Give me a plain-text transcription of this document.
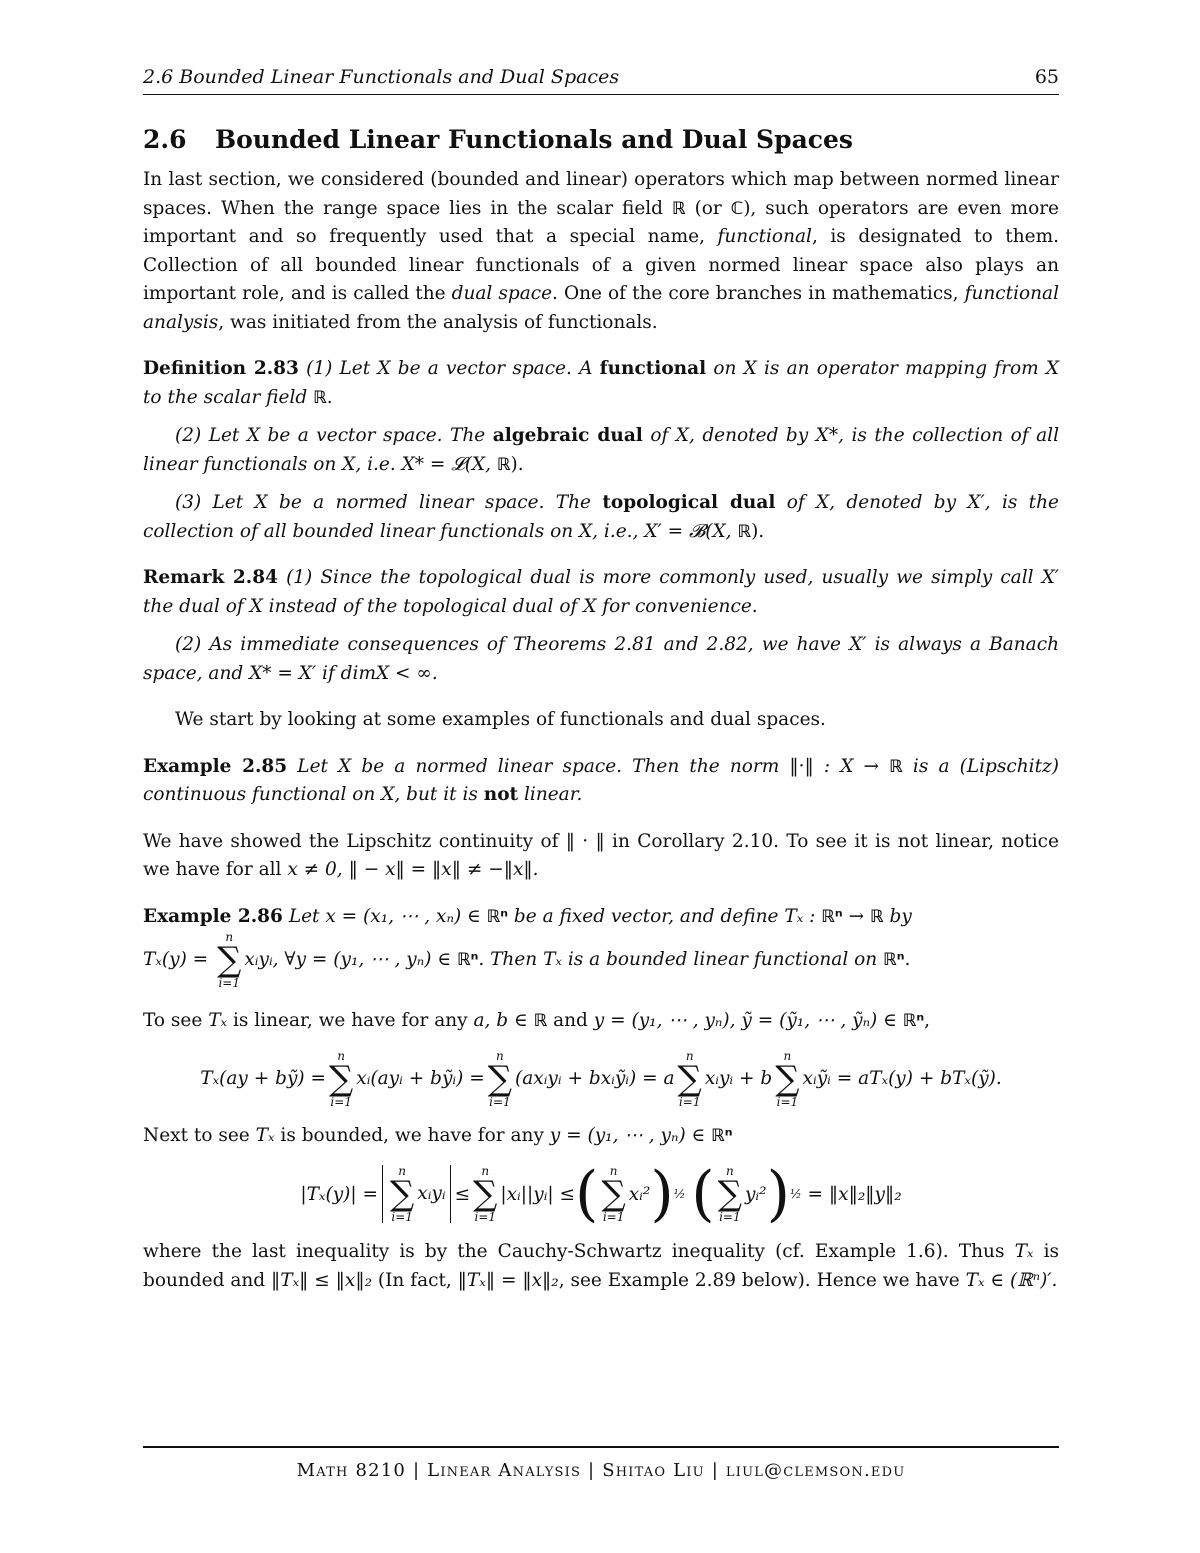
2.6 Bounded Linear Functionals and Dual Spaces	65
2.6 Bounded Linear Functionals and Dual Spaces

In last section, we considered (bounded and linear) operators which map between normed linear spaces. When the range space lies in the scalar field ℝ (or ℂ), such operators are even more important and so frequently used that a special name, functional, is designated to them. Collection of all bounded linear functionals of a given normed linear space also plays an important role, and is called the dual space. One of the core branches in mathematics, functional analysis, was initiated from the analysis of functionals.

Definition 2.83 (1) Let X be a vector space. A functional on X is an operator mapping from X to the scalar field ℝ.

(2) Let X be a vector space. The algebraic dual of X, denoted by X*, is the collection of all linear functionals on X, i.e. X* = 𝓛(X, ℝ).

(3) Let X be a normed linear space. The topological dual of X, denoted by X′, is the collection of all bounded linear functionals on X, i.e., X′ = 𝓑(X, ℝ).

Remark 2.84 (1) Since the topological dual is more commonly used, usually we simply call X′ the dual of X instead of the topological dual of X for convenience.

(2) As immediate consequences of Theorems 2.81 and 2.82, we have X′ is always a Banach space, and X* = X′ if dimX < ∞.

We start by looking at some examples of functionals and dual spaces.

Example 2.85 Let X be a normed linear space. Then the norm ‖·‖ : X → ℝ is a (Lipschitz) continuous functional on X, but it is not linear.

We have showed the Lipschitz continuity of ‖ · ‖ in Corollary 2.10. To see it is not linear, notice we have for all x ≠ 0, ‖ − x‖ = ‖x‖ ≠ −‖x‖.

Example 2.86 Let x = (x₁, ⋯ , xₙ) ∈ ℝⁿ be a fixed vector, and define Tₓ : ℝⁿ → ℝ by
Tₓ(y) =
n
∑
i=1
xᵢyᵢ, ∀y = (y₁, ⋯ , yₙ) ∈ ℝⁿ. Then Tₓ is a bounded linear functional on ℝⁿ.

To see Tₓ is linear, we have for any a, b ∈ ℝ and y = (y₁, ⋯ , yₙ), ỹ = (ỹ₁, ⋯ , ỹₙ) ∈ ℝⁿ,

Tₓ(ay + bỹ) =
n
∑
i=1
xᵢ(ayᵢ + bỹᵢ) =
n
∑
i=1
(axᵢyᵢ + bxᵢỹᵢ) = a
n
∑
i=1
xᵢyᵢ + b
n
∑
i=1
xᵢỹᵢ = aTₓ(y) + bTₓ(ỹ).

Next to see Tₓ is bounded, we have for any y = (y₁, ⋯ , yₙ) ∈ ℝⁿ

|Tₓ(y)| =
n
∑
i=1
xᵢyᵢ ≤
n
∑
i=1
|xᵢ||yᵢ| ≤ ( n
∑
i=1
xᵢ² ) ½
( n
∑
i=1
yᵢ² ) ½
= ‖x‖₂‖y‖₂

where the last inequality is by the Cauchy-Schwartz inequality (cf. Example 1.6). Thus Tₓ is bounded and ‖Tₓ‖ ≤ ‖x‖₂ (In fact, ‖Tₓ‖ = ‖x‖₂, see Example 2.89 below). Hence we have Tₓ ∈ (ℝⁿ)′.

Math 8210 | Linear Analysis | Shitao Liu | liul@clemson.edu
